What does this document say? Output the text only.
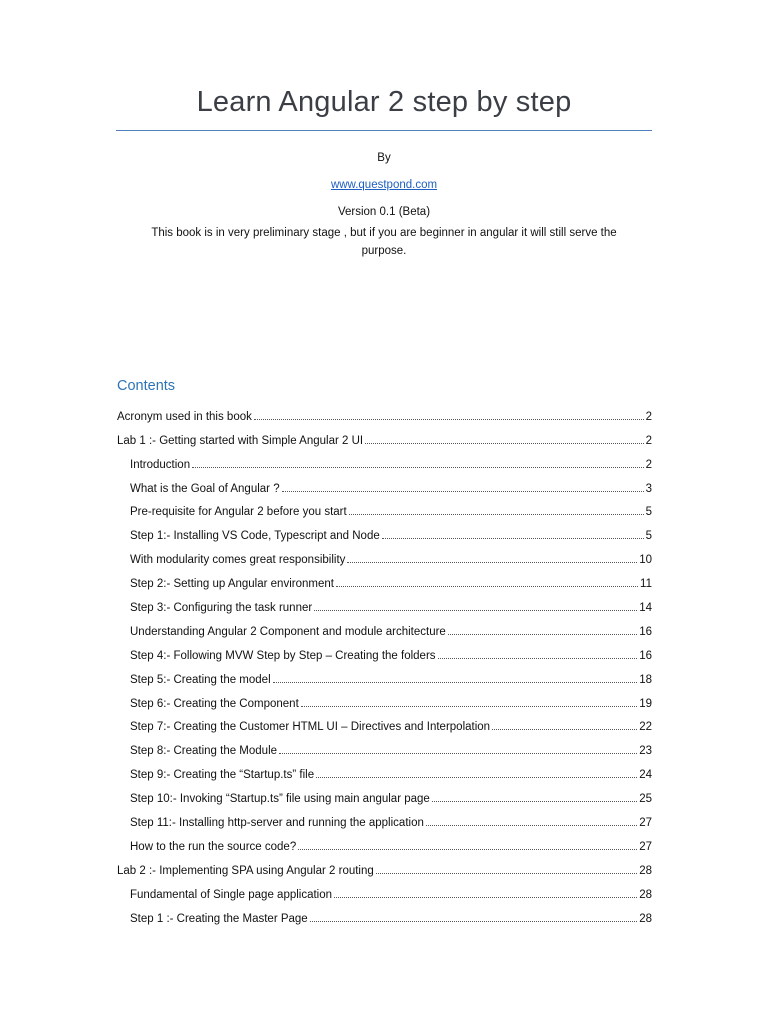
Learn Angular 2 step by step
By
www.questpond.com
Version 0.1 (Beta)
This book is in very preliminary stage , but if you are beginner in angular it will still serve the purpose.
Contents
Acronym used in this book	2
Lab 1 :- Getting started with Simple Angular 2 UI	2
Introduction	2
What is the Goal of Angular ?	3
Pre-requisite for Angular 2 before you start	5
Step 1:- Installing VS Code, Typescript and Node	5
With modularity comes great responsibility	10
Step 2:- Setting up Angular environment	11
Step 3:- Configuring the task runner	14
Understanding Angular 2 Component and module architecture	16
Step 4:- Following MVW Step by Step – Creating the folders	16
Step 5:- Creating the model	18
Step 6:- Creating the Component	19
Step 7:- Creating the Customer HTML UI – Directives and Interpolation	22
Step 8:- Creating the Module	23
Step 9:- Creating the “Startup.ts” file	24
Step 10:- Invoking “Startup.ts” file using main angular page	25
Step 11:- Installing http-server and running the application	27
How to the run the source code?	27
Lab 2 :- Implementing SPA using Angular 2 routing	28
Fundamental of Single page application	28
Step 1 :- Creating the Master Page	28
